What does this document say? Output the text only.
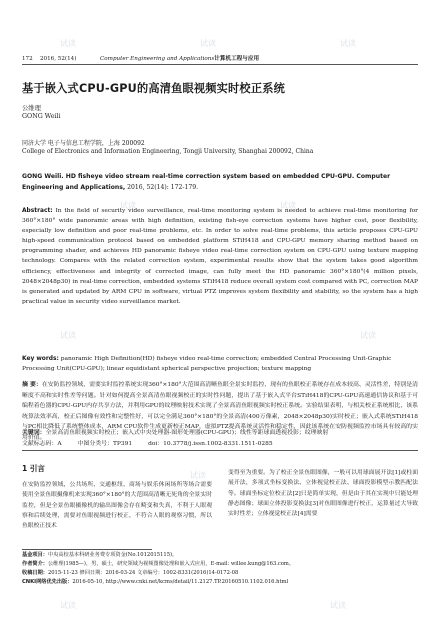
172	2016, 52(14)	Computer Engineering and Applications 计算机工程与应用
基于嵌入式CPU-GPU的高清鱼眼视频实时校正系统
公维理
GONG Weili
同济大学 电子与信息工程学院，上海 200092
College of Electronics and Information Engineering, Tongji University, Shanghai 200092, China
GONG Weili. HD fisheye video stream real-time correction system based on embedded CPU-GPU. Computer Engineering and Applications, 2016, 52(14): 172-179.
Abstract: In the field of security video surveillance, real-time monitoring system is needed to achieve real-time monitoring for 360°×180° wide panoramic areas with high definition, existing fish-eye correction systems have higher cost, poor flexibility, especially low definition and poor real-time problems, etc. In order to solve real-time problems, this article proposes CPU-GPU high-speed communication protocol based on embedded platform STiH418 and CPU-GPU memory sharing method based on programming shader, and achieves HD panoramic fisheye video real-time correction system on CPU-GPU using texture mapping technology. Compares with the related correction system, experimental results show that the system takes good algorithm efficiency, effectiveness and integrity of corrected image, can fully meet the HD panoramic 360°×180°(4 million pixels, 2048×2048p30) in real-time correction, embedded systems STiH418 reduce overall system cost compared with PC, correction MAP is generated and updated by ARM CPU in software, virtual PTZ improves system flexibility and stability, so the system has a high practical value in security video surveillance market.
Key words: panoramic High Definition(HD) fisheye video real-time correction; embedded Central Processing Unit-Graphic Processing Unit(CPU-GPU); linear equidistant spherical perspective projection; texture mapping
摘 要：在安防监控领域，需要实时监控系统实现360°×180°大范围高清晰鱼眼全景实时监控，现有的鱼眼校正系统存在成本较高、灵活性差，特别是清晰度不高和实时性差等问题。针对如何提高全景高清鱼眼视频校正的实时性问题，提出了基于嵌入式平台STiH418的CPU-GPU高速通信协议和基于可编程着色器的CPU-GPU内存共享方法，并利用GPU的纹理映射技术实现了全景高清鱼眼视频实时校正系统。实验结果表明，与相关校正系统相比，该系统算法效率高，校正后图像有效性和完整性好，可以完全满足360°×180°的全景高清(400万像素，2048×2048p30)实时校正；嵌入式系统STiH418与PC相比降低了系统整体成本，ARM CPU软件生成更新校正MAP，虚拟PTZ提高系统灵活性和稳定性，因此该系统在安防视频监控市场具有较高的实用价值。
关键词：全景高清鱼眼视频实时校正；嵌入式中央处理器-图形处理器(CPU-GPU)；线性等距球面透视投影；纹理映射
文献标志码：A	中图分类号：TP391	doi：10.3778/j.issn.1002-8331.1511-0285
1 引言
在安防监控领域，公共场所、交通枢纽、商场与娱乐休闲场所等场合需要使用全景鱼眼摄像机来实现360°×180°的大范围高清晰无死角的全景实时监控，但是全景鱼眼摄像机的输出图像会存在畸变和失真，不利于人眼观察和后续处理，需要对鱼眼视频进行校正，不符合人眼的观察习惯，所以鱼眼校正技术
变得至为重要。为了校正全景鱼眼图像，一般可以用球面展开法[1]或柱面展开法，多项式坐标变换法、立体视觉校正法、球面投影模型示教匹配法等。球面坐标定位校正法[2]只是简单实现，但是由于其在实现中只能处理静态图像；球面立体投影变换法[3]对鱼眼图像进行校正，运算量过大导致实时性差；立体视觉校正法[4]需要
基金项目：中央高校基本科研业务费专项资金(No.1012015115)。
作者简介：公维理(1985—)，男，硕士，研究领域为视频图像处理和嵌入式应用，E-mail: willee.kung@163.com。
收稿日期：2015-11-23 修回日期：2016-03-24 文章编号：1002-8331(2016)14-0172-08
CNKI网络优先出版：2016-05-10, http://www.cnki.net/kcms/detail/11.2127.TP.20160510.1102.016.html
试读	试读	试读
试读	试读
试读	试读
试读
试读	试读
